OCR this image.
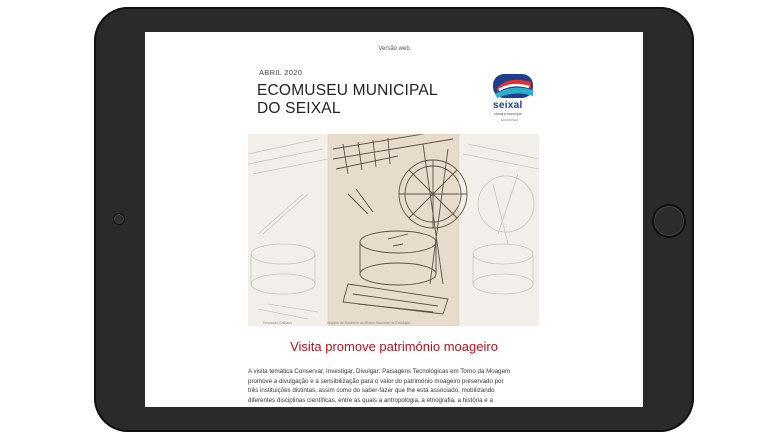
Versão web
ABRIL 2020
ECOMUSEU MUNICIPAL
DO SEIXAL	seixal
câmara municipal
ECOMUSEU
Fernando Galhano	Arquivo do Desenho do Museu Nacional de Etnologia
Visita promove património moageiro
A visita temática Conservar, Investigar, Divulgar: Paisagens Tecnológicas em Torno da Moagem
promove a divulgação e a sensibilização para o valor do património moageiro preservado por
três instituições distintas, assim como do saber-fazer que lhe está associado, mobilizando
diferentes disciplinas científicas, entre as quais a antropologia, a etnografia, a história e a
